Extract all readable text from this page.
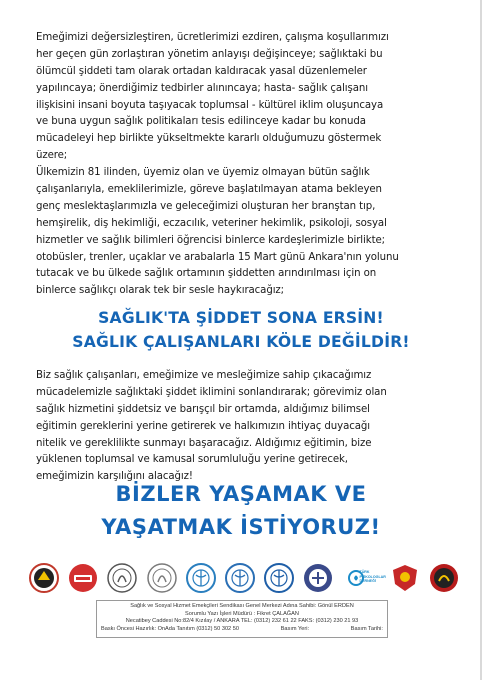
Emeğimizi değersizleştiren, ücretlerimizi ezdiren, çalışma koşullarımızı
her geçen gün zorlaştıran yönetim anlayışı değişinceye; sağlıktaki bu
ölümcül şiddeti tam olarak ortadan kaldıracak yasal düzenlemeler
yapılıncaya; önerdiğimiz tedbirler alınıncaya; hasta- sağlık çalışanı
ilişkisini insani boyuta taşıyacak toplumsal - kültürel iklim oluşuncaya
ve buna uygun sağlık politikaları tesis edilinceye kadar bu konuda
mücadeleyi hep birlikte yükseltmekte kararlı olduğumuzu göstermek
üzere;
Ülkemizin 81 ilinden, üyemiz olan ve üyemiz olmayan bütün sağlık
çalışanlarıyla, emeklilerimizle, göreve başlatılmayan atama bekleyen
genç meslektaşlarımızla ve geleceğimizi oluşturan her branştan tıp,
hemşirelik, diş hekimliği, eczacılık, veteriner hekimlik, psikoloji, sosyal
hizmetler ve sağlık bilimleri öğrencisi binlerce kardeşlerimizle birlikte;
otobüsler, trenler, uçaklar ve arabalarla 15 Mart günü Ankara'nın yolunu
tutacak ve bu ülkede sağlık ortamının şiddetten arındırılması için on
binlerce sağlıkçı olarak tek bir sesle haykıracağız;
SAĞLIK'TA ŞİDDET SONA ERSİN!
SAĞLIK ÇALIŞANLARI KÖLE DEĞİLDİR!
Biz sağlık çalışanları, emeğimize ve mesleğimize sahip çıkacağımız
mücadelemizle sağlıktaki şiddet iklimini sonlandırarak; görevimiz olan
sağlık hizmetini şiddetsiz ve barışçıl bir ortamda, aldığımız bilimsel
eğitimin gereklerini yerine getirerek ve halkımızın ihtiyaç duyacağı
nitelik ve gereklilikte sunmayı başaracağız. Aldığımız eğitimin, bize
yüklenen toplumsal ve kamusal sorumluluğu yerine getirecek,
emeğimizin karşılığını alacağız!
BİZLER YAŞAMAK VE
YAŞATMAK İSTİYORUZ!
TÜRK
PSİKOLOGLAR
DERNEĞİ
Sağlık ve Sosyal Hizmet Emekçileri Sendikası Genel Merkezi Adına Sahibi: Gönül ERDEN
Sorumlu Yazı İşleri Müdürü : Fikret ÇALAĞAN
Necatibey Caddesi No:82/4 Kızılay / ANKARA TEL: (0312) 232 61 22 FAKS: (0312) 230 21 93
Baskı Öncesi Hazırlık: OnAda Tanıtım (0312) 50 302 50	Basım Yeri:	Basım Tarihi:
